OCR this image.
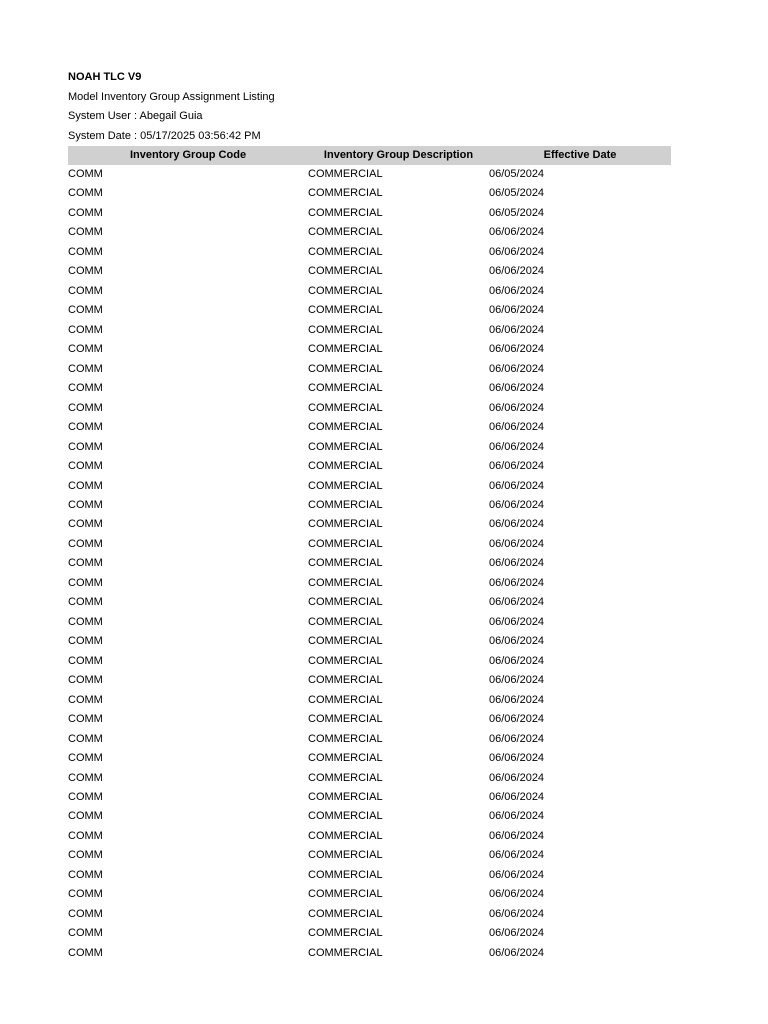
NOAH TLC V9
Model Inventory Group Assignment Listing
System User : Abegail Guia
System Date : 05/17/2025 03:56:42 PM
Inventory Group Code	Inventory Group Description	Effective Date
COMM	COMMERCIAL	06/05/2024
COMM	COMMERCIAL	06/05/2024
COMM	COMMERCIAL	06/05/2024
COMM	COMMERCIAL	06/06/2024
COMM	COMMERCIAL	06/06/2024
COMM	COMMERCIAL	06/06/2024
COMM	COMMERCIAL	06/06/2024
COMM	COMMERCIAL	06/06/2024
COMM	COMMERCIAL	06/06/2024
COMM	COMMERCIAL	06/06/2024
COMM	COMMERCIAL	06/06/2024
COMM	COMMERCIAL	06/06/2024
COMM	COMMERCIAL	06/06/2024
COMM	COMMERCIAL	06/06/2024
COMM	COMMERCIAL	06/06/2024
COMM	COMMERCIAL	06/06/2024
COMM	COMMERCIAL	06/06/2024
COMM	COMMERCIAL	06/06/2024
COMM	COMMERCIAL	06/06/2024
COMM	COMMERCIAL	06/06/2024
COMM	COMMERCIAL	06/06/2024
COMM	COMMERCIAL	06/06/2024
COMM	COMMERCIAL	06/06/2024
COMM	COMMERCIAL	06/06/2024
COMM	COMMERCIAL	06/06/2024
COMM	COMMERCIAL	06/06/2024
COMM	COMMERCIAL	06/06/2024
COMM	COMMERCIAL	06/06/2024
COMM	COMMERCIAL	06/06/2024
COMM	COMMERCIAL	06/06/2024
COMM	COMMERCIAL	06/06/2024
COMM	COMMERCIAL	06/06/2024
COMM	COMMERCIAL	06/06/2024
COMM	COMMERCIAL	06/06/2024
COMM	COMMERCIAL	06/06/2024
COMM	COMMERCIAL	06/06/2024
COMM	COMMERCIAL	06/06/2024
COMM	COMMERCIAL	06/06/2024
COMM	COMMERCIAL	06/06/2024
COMM	COMMERCIAL	06/06/2024
COMM	COMMERCIAL	06/06/2024
